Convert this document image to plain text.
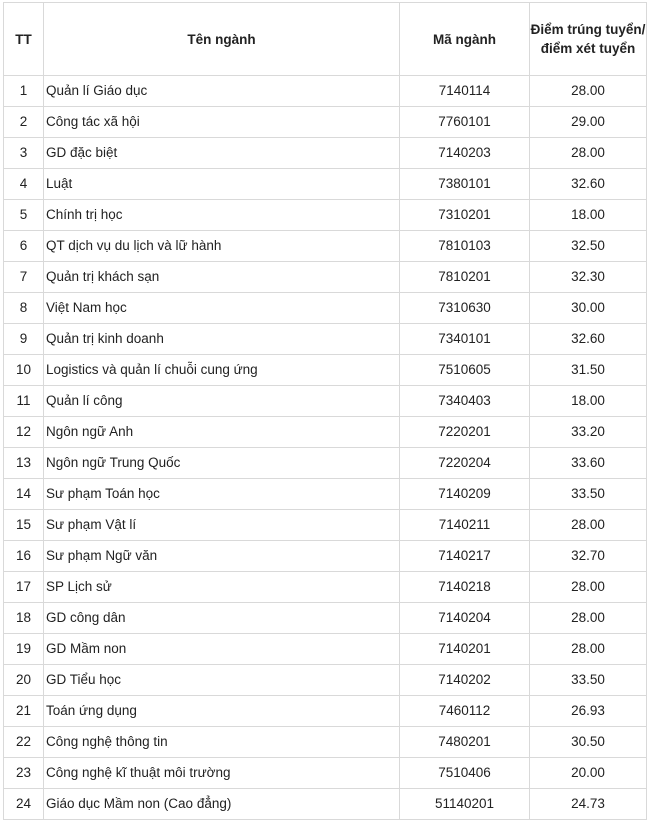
TT	Tên ngành	Mã ngành	Điểm trúng tuyển/điểm xét tuyển
1	Quản lí Giáo dục	7140114	28.00
2	Công tác xã hội	7760101	29.00
3	GD đặc biệt	7140203	28.00
4	Luật	7380101	32.60
5	Chính trị học	7310201	18.00
6	QT dịch vụ du lịch và lữ hành	7810103	32.50
7	Quản trị khách sạn	7810201	32.30
8	Việt Nam học	7310630	30.00
9	Quản trị kinh doanh	7340101	32.60
10	Logistics và quản lí chuỗi cung ứng	7510605	31.50
11	Quản lí công	7340403	18.00
12	Ngôn ngữ Anh	7220201	33.20
13	Ngôn ngữ Trung Quốc	7220204	33.60
14	Sư phạm Toán học	7140209	33.50
15	Sư phạm Vật lí	7140211	28.00
16	Sư phạm Ngữ văn	7140217	32.70
17	SP Lịch sử	7140218	28.00
18	GD công dân	7140204	28.00
19	GD Mầm non	7140201	28.00
20	GD Tiểu học	7140202	33.50
21	Toán ứng dụng	7460112	26.93
22	Công nghệ thông tin	7480201	30.50
23	Công nghệ kĩ thuật môi trường	7510406	20.00
24	Giáo dục Mầm non (Cao đẳng)	51140201	24.73
